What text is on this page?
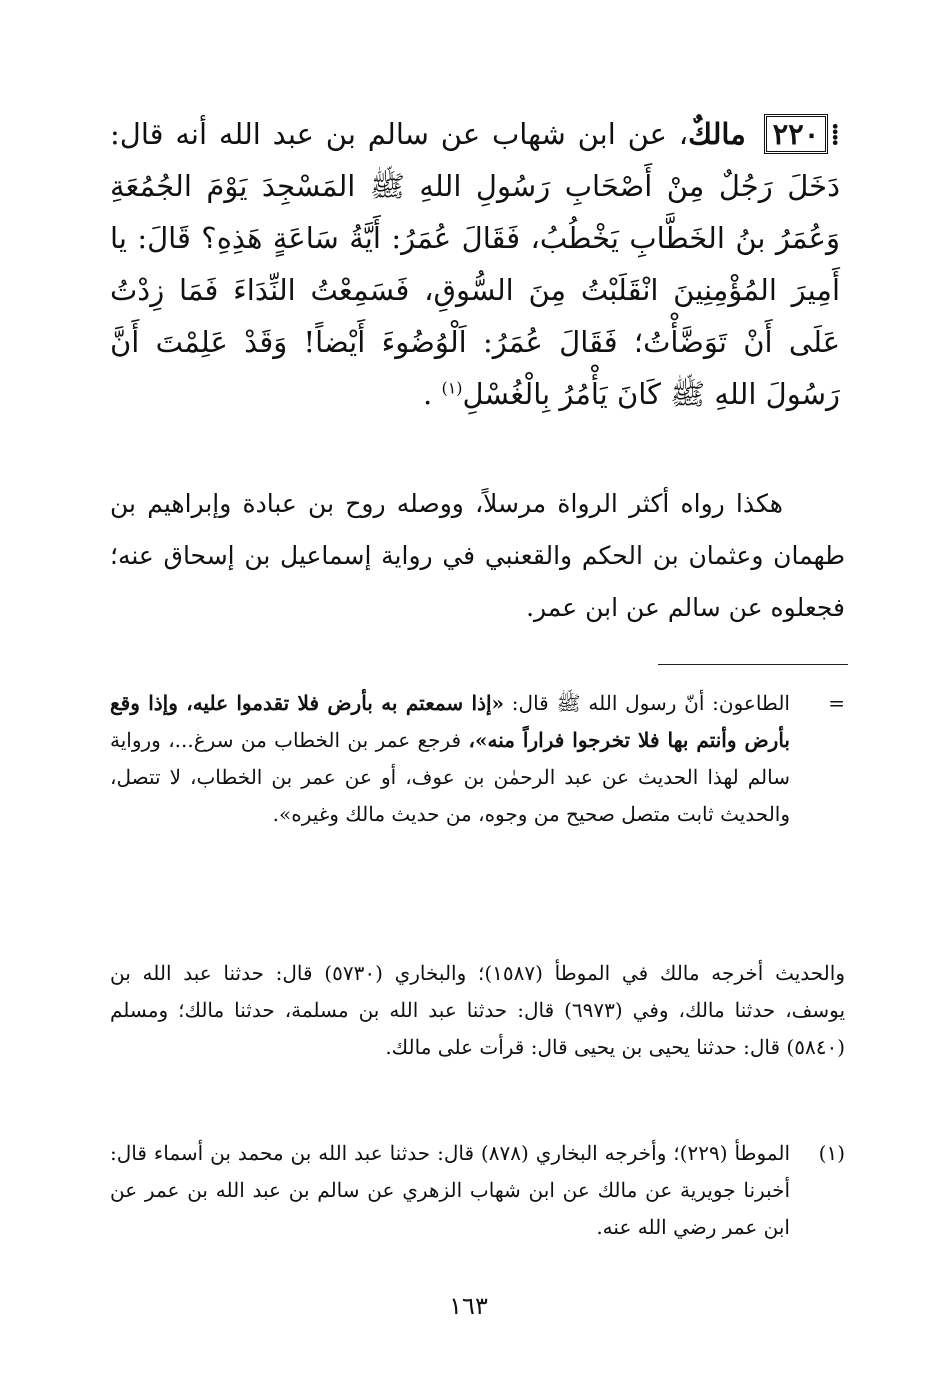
⁞٢٢٠ مالكٌ، عن ابن شهاب عن سالم بن عبد الله أنه قال: دَخَلَ رَجُلٌ مِنْ أَصْحَابِ رَسُولِ اللهِ ﷺ المَسْجِدَ يَوْمَ الجُمُعَةِ وَعُمَرُ بنُ الخَطَّابِ يَخْطُبُ، فَقَالَ عُمَرُ: أَيَّةُ سَاعَةٍ هَذِهِ؟ قَالَ: يا أَمِيرَ المُؤْمِنِينَ انْقَلَبْتُ مِنَ السُّوقِ، فَسَمِعْتُ النِّدَاءَ فَمَا زِدْتُ عَلَى أَنْ تَوَضَّأْتُ؛ فَقَالَ عُمَرُ: اَلْوُضُوءَ أَيْضاً! وَقَدْ عَلِمْتَ أَنَّ رَسُولَ اللهِ ﷺ كَانَ يَأْمُرُ بِالْغُسْلِ$^{(١)}$ .
هكذا رواه أكثر الرواة مرسلاً، ووصله روح بن عبادة وإبراهيم بن طهمان وعثمان بن الحكم والقعنبي في رواية إسماعيل بن إسحاق عنه؛ فجعلوه عن سالم عن ابن عمر.
=
الطاعون: أنّ رسول الله ﷺ قال: «إذا سمعتم به بأرض فلا تقدموا عليه، وإذا وقع بأرض وأنتم بها فلا تخرجوا فراراً منه»، فرجع عمر بن الخطاب من سرغ...، ورواية سالم لهذا الحديث عن عبد الرحمٰن بن عوف، أو عن عمر بن الخطاب، لا تتصل، والحديث ثابت متصل صحيح من وجوه، من حديث مالك وغيره».
والحديث أخرجه مالك في الموطأ (١٥٨٧)؛ والبخاري (٥٧٣٠) قال: حدثنا عبد الله بن يوسف، حدثنا مالك، وفي (٦٩٧٣) قال: حدثنا عبد الله بن مسلمة، حدثنا مالك؛ ومسلم (٥٨٤٠) قال: حدثنا يحيى بن يحيى قال: قرأت على مالك.
(١)
الموطأ (٢٢٩)؛ وأخرجه البخاري (٨٧٨) قال: حدثنا عبد الله بن محمد بن أسماء قال: أخبرنا جويرية عن مالك عن ابن شهاب الزهري عن سالم بن عبد الله بن عمر عن ابن عمر رضي الله عنه.
١٦٣
